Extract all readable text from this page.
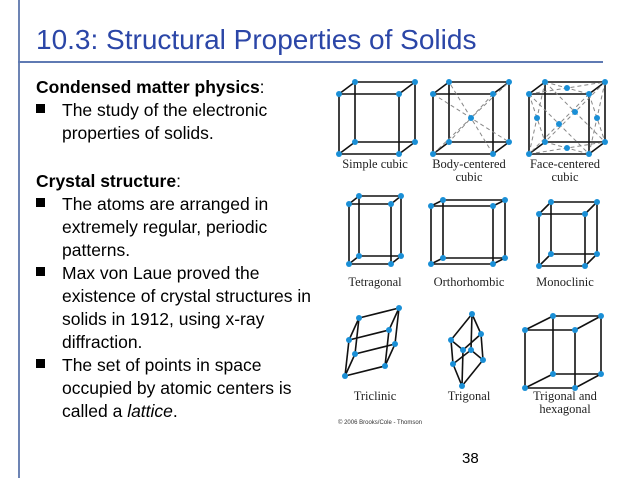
10.3: Structural Properties of Solids

Condensed matter physics:

The study of the electronic properties of solids.

Crystal structure:

The atoms are arranged in extremely regular, periodic patterns.

Max von Laue proved the existence of crystal structures in solids in 1912, using x-ray diffraction.

The set of points in space occupied by atomic centers is called a lattice.

Simple cubic	Body-centered
cubic
Face-centered
cubic
Tetragonal	Orthorhombic	Monoclinic
Triclinic	Trigonal	Trigonal and
hexagonal
© 2006 Brooks/Cole - Thomson
38
